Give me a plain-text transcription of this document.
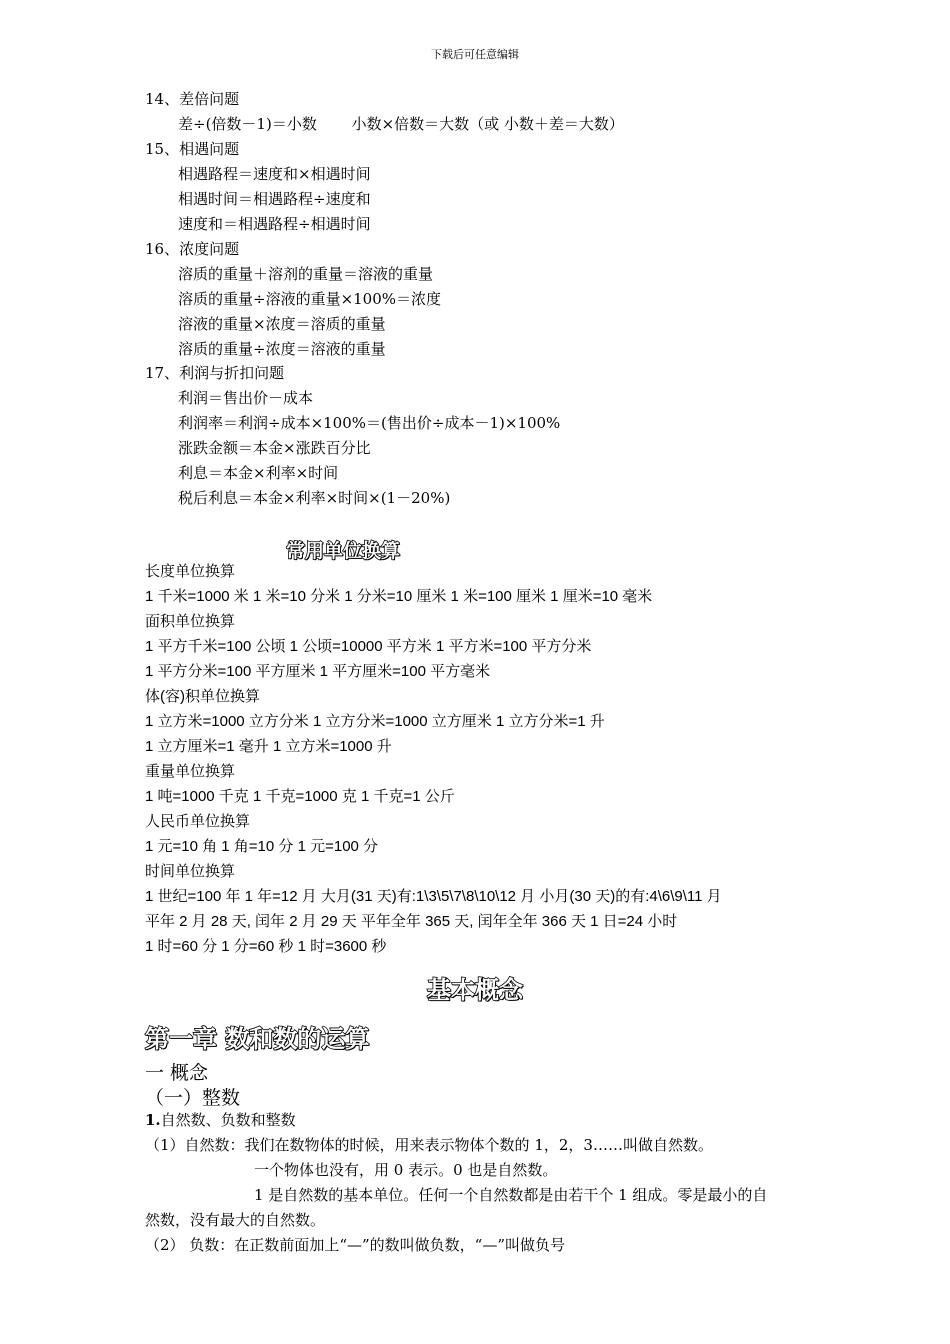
下载后可任意编辑
14、差倍问题
差÷(倍数－1)＝小数　　 小数×倍数＝大数（或 小数＋差＝大数）
15、相遇问题
相遇路程＝速度和×相遇时间
相遇时间＝相遇路程÷速度和
速度和＝相遇路程÷相遇时间
16、浓度问题
溶质的重量＋溶剂的重量＝溶液的重量
溶质的重量÷溶液的重量×100%＝浓度
溶液的重量×浓度＝溶质的重量
溶质的重量÷浓度＝溶液的重量
17、利润与折扣问题
利润＝售出价－成本
利润率＝利润÷成本×100%＝(售出价÷成本－1)×100%
涨跌金额＝本金×涨跌百分比
利息＝本金×利率×时间
税后利息＝本金×利率×时间×(1－20%)
常用单位换算
长度单位换算
1 千米=1000 米 1 米=10 分米 1 分米=10 厘米 1 米=100 厘米 1 厘米=10 毫米
面积单位换算
1 平方千米=100 公顷 1 公顷=10000 平方米 1 平方米=100 平方分米
1 平方分米=100 平方厘米 1 平方厘米=100 平方毫米
体(容)积单位换算
1 立方米=1000 立方分米 1 立方分米=1000 立方厘米 1 立方分米=1 升
1 立方厘米=1 毫升 1 立方米=1000 升
重量单位换算
1 吨=1000 千克 1 千克=1000 克 1 千克=1 公斤
人民币单位换算
1 元=10 角 1 角=10 分 1 元=100 分
时间单位换算
1 世纪=100 年 1 年=12 月 大月(31 天)有:1\3\5\7\8\10\12 月 小月(30 天)的有:4\6\9\11 月
平年 2 月 28 天, 闰年 2 月 29 天 平年全年 365 天, 闰年全年 366 天 1 日=24 小时
1 时=60 分 1 分=60 秒 1 时=3600 秒
基本概念
第一章 数和数的运算
一 概念
（一）整数
1.自然数、负数和整数
（1）自然数：我们在数物体的时候，用来表示物体个数的 1，2，3……叫做自然数。
一个物体也没有，用 0 表示。0 也是自然数。
1 是自然数的基本单位。任何一个自然数都是由若干个 1 组成。零是最小的自
然数，没有最大的自然数。
（2） 负数：在正数前面加上“—”的数叫做负数，“—”叫做负号
